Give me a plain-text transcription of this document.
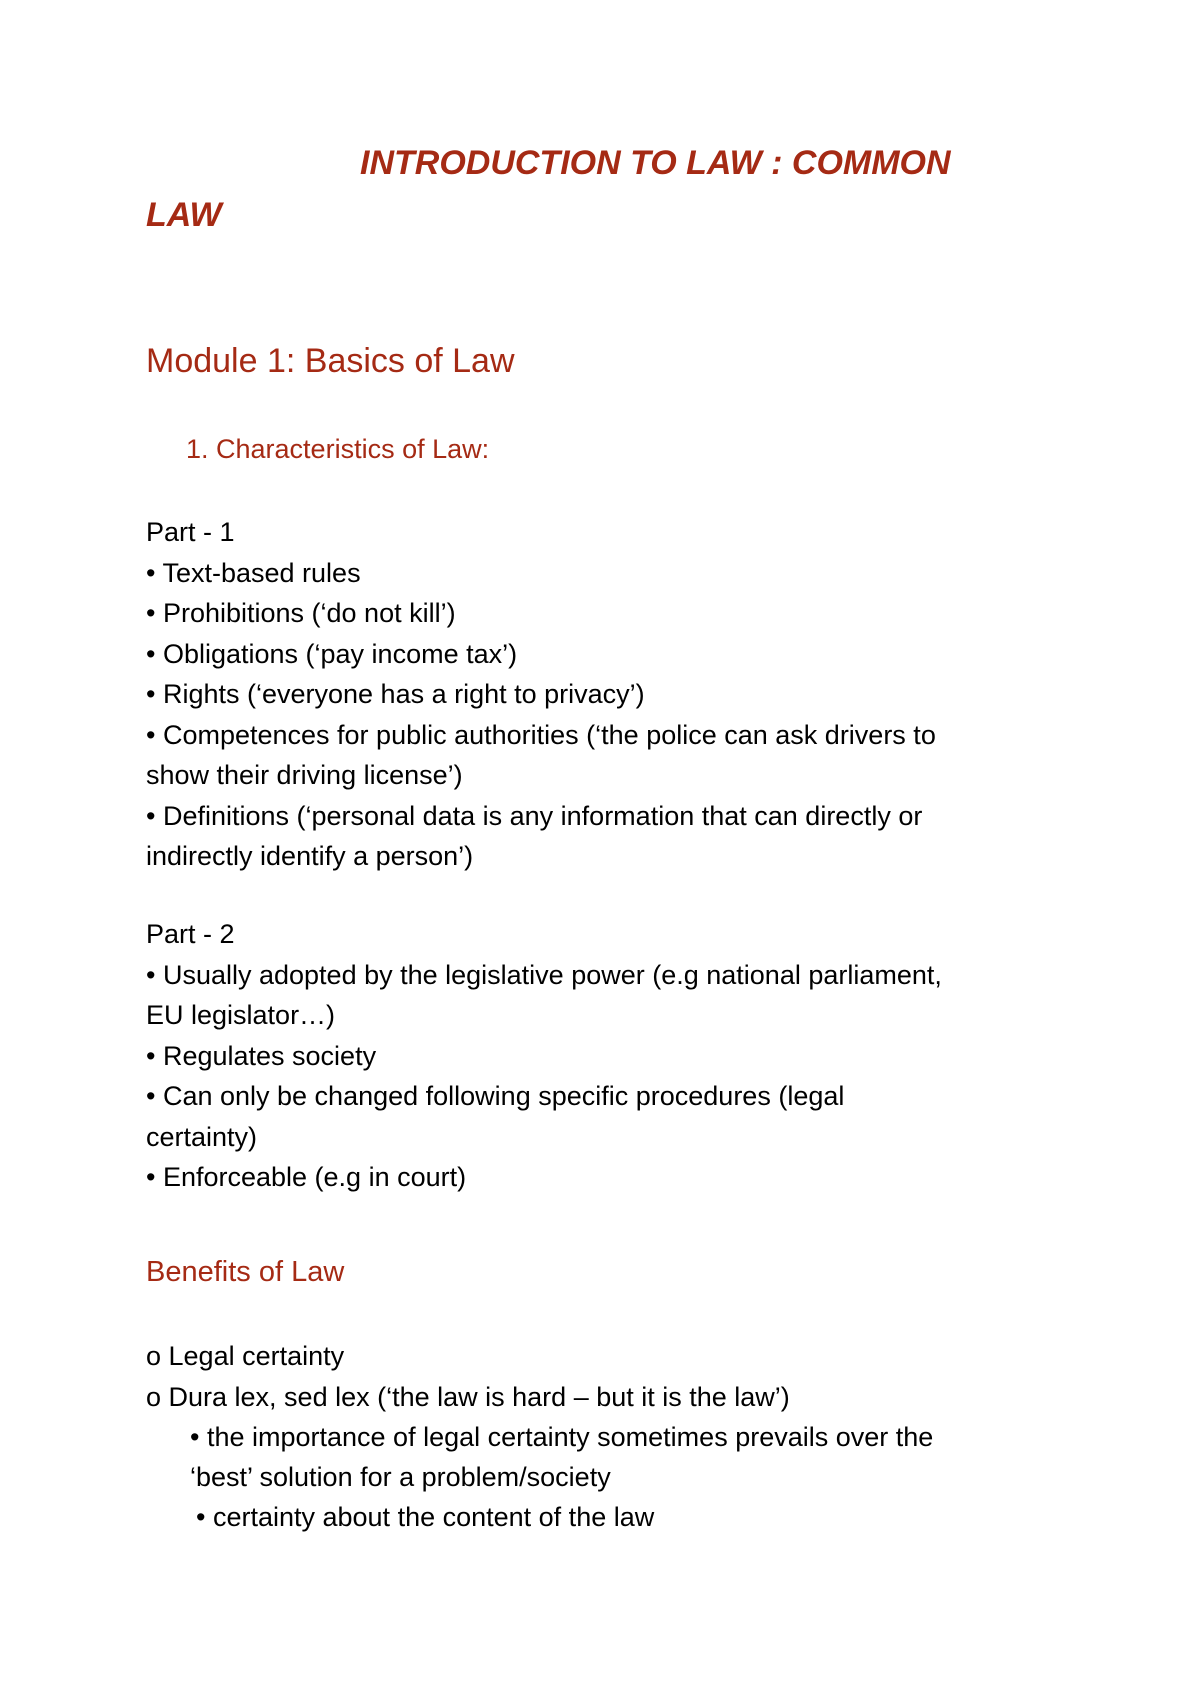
INTRODUCTION TO LAW : COMMON
LAW
Module 1: Basics of Law
1. Characteristics of Law:
Part - 1
• Text-based rules
• Prohibitions (‘do not kill’)
• Obligations (‘pay income tax’)
• Rights (‘everyone has a right to privacy’)
• Competences for public authorities (‘the police can ask drivers to
show their driving license’)
• Definitions (‘personal data is any information that can directly or
indirectly identify a person’)
Part - 2
• Usually adopted by the legislative power (e.g national parliament,
EU legislator…)
• Regulates society
• Can only be changed following specific procedures (legal
certainty)
• Enforceable (e.g in court)
Benefits of Law
o Legal certainty
o Dura lex, sed lex (‘the law is hard – but it is the law’)
• the importance of legal certainty sometimes prevails over the
‘best’ solution for a problem/society
• certainty about the content of the law
